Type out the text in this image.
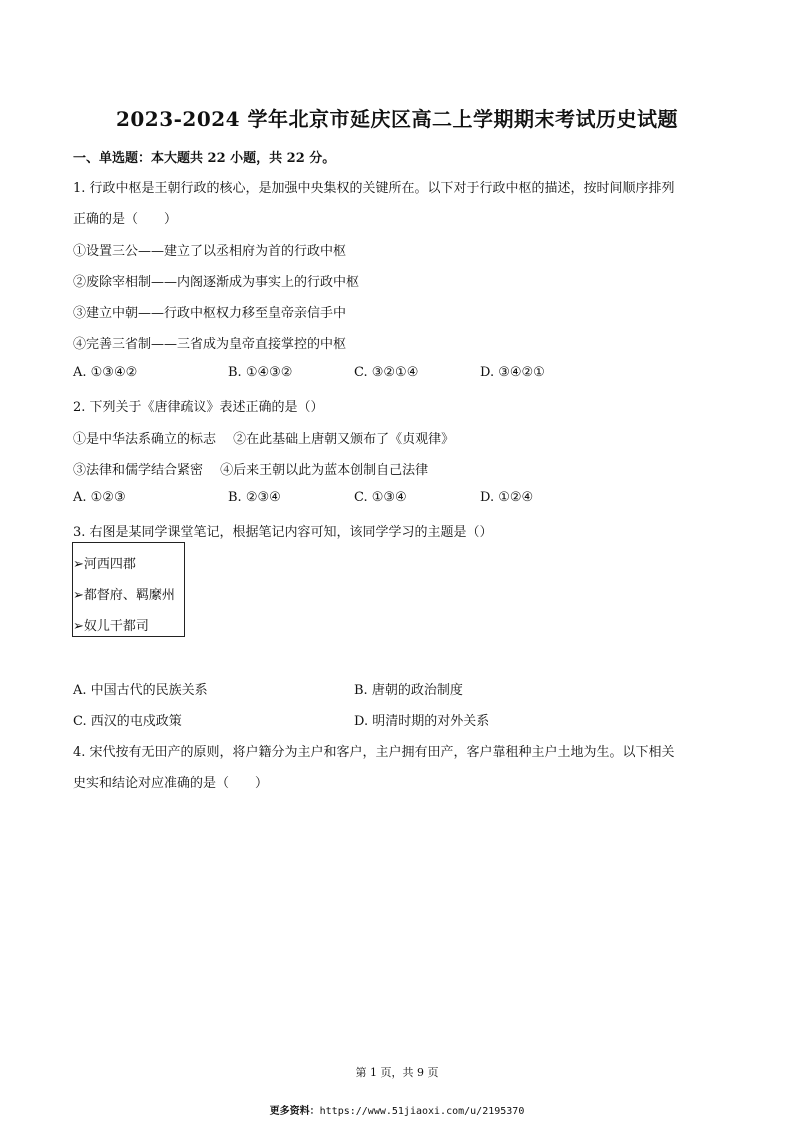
2023-2024 学年北京市延庆区高二上学期期末考试历史试题
一、单选题：本大题共 22 小题，共 22 分。
1. 行政中枢是王朝行政的核心，是加强中央集权的关键所在。以下对于行政中枢的描述，按时间顺序排列
正确的是（　　）
①设置三公——建立了以丞相府为首的行政中枢
②废除宰相制——内阁逐渐成为事实上的行政中枢
③建立中朝——行政中枢权力移至皇帝亲信手中
④完善三省制——三省成为皇帝直接掌控的中枢
A. ①③④②	B. ①④③②	C. ③②①④	D. ③④②①
2. 下列关于《唐律疏议》表述正确的是（）
①是中华法系确立的标志　 ②在此基础上唐朝又颁布了《贞观律》
③法律和儒学结合紧密　 ④后来王朝以此为蓝本创制自己法律
A. ①②③	B. ②③④	C. ①③④	D. ①②④
3. 右图是某同学课堂笔记，根据笔记内容可知，该同学学习的主题是（）
➢河西四郡
➢都督府、羁縻州
➢奴儿干都司
A. 中国古代的民族关系	B. 唐朝的政治制度
C. 西汉的屯戍政策	D. 明清时期的对外关系
4. 宋代按有无田产的原则，将户籍分为主户和客户，主户拥有田产，客户靠租种主户土地为生。以下相关
史实和结论对应准确的是（　　）
第 1 页，共 9 页
更多资料：https://www.51jiaoxi.com/u/2195370
